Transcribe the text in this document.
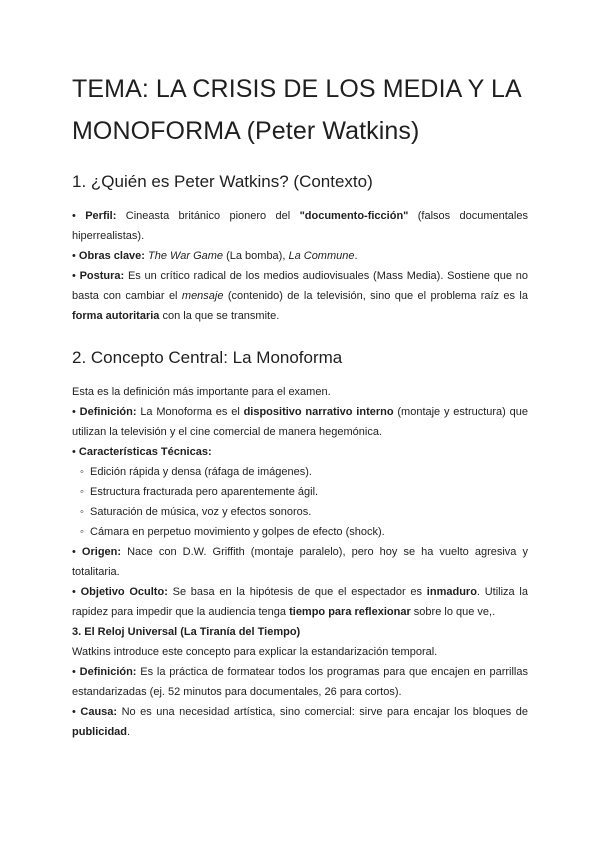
TEMA: LA CRISIS DE LOS MEDIA Y LA MONOFORMA (Peter Watkins)
1. ¿Quién es Peter Watkins? (Contexto)

• Perfil: Cineasta británico pionero del "documento-ficción" (falsos documentales hiperrealistas).

• Obras clave: The War Game (La bomba), La Commune.

• Postura: Es un crítico radical de los medios audiovisuales (Mass Media). Sostiene que no basta con cambiar el mensaje (contenido) de la televisión, sino que el problema raíz es la forma autoritaria con la que se transmite.

2. Concepto Central: La Monoforma

Esta es la definición más importante para el examen.

• Definición: La Monoforma es el dispositivo narrativo interno (montaje y estructura) que utilizan la televisión y el cine comercial de manera hegemónica.

• Características Técnicas:

◦ Edición rápida y densa (ráfaga de imágenes).

◦ Estructura fracturada pero aparentemente ágil.

◦ Saturación de música, voz y efectos sonoros.

◦ Cámara en perpetuo movimiento y golpes de efecto (shock).

• Origen: Nace con D.W. Griffith (montaje paralelo), pero hoy se ha vuelto agresiva y totalitaria.

• Objetivo Oculto: Se basa en la hipótesis de que el espectador es inmaduro. Utiliza la rapidez para impedir que la audiencia tenga tiempo para reflexionar sobre lo que ve,.

3. El Reloj Universal (La Tiranía del Tiempo)

Watkins introduce este concepto para explicar la estandarización temporal.

• Definición: Es la práctica de formatear todos los programas para que encajen en parrillas estandarizadas (ej. 52 minutos para documentales, 26 para cortos).

• Causa: No es una necesidad artística, sino comercial: sirve para encajar los bloques de publicidad.
